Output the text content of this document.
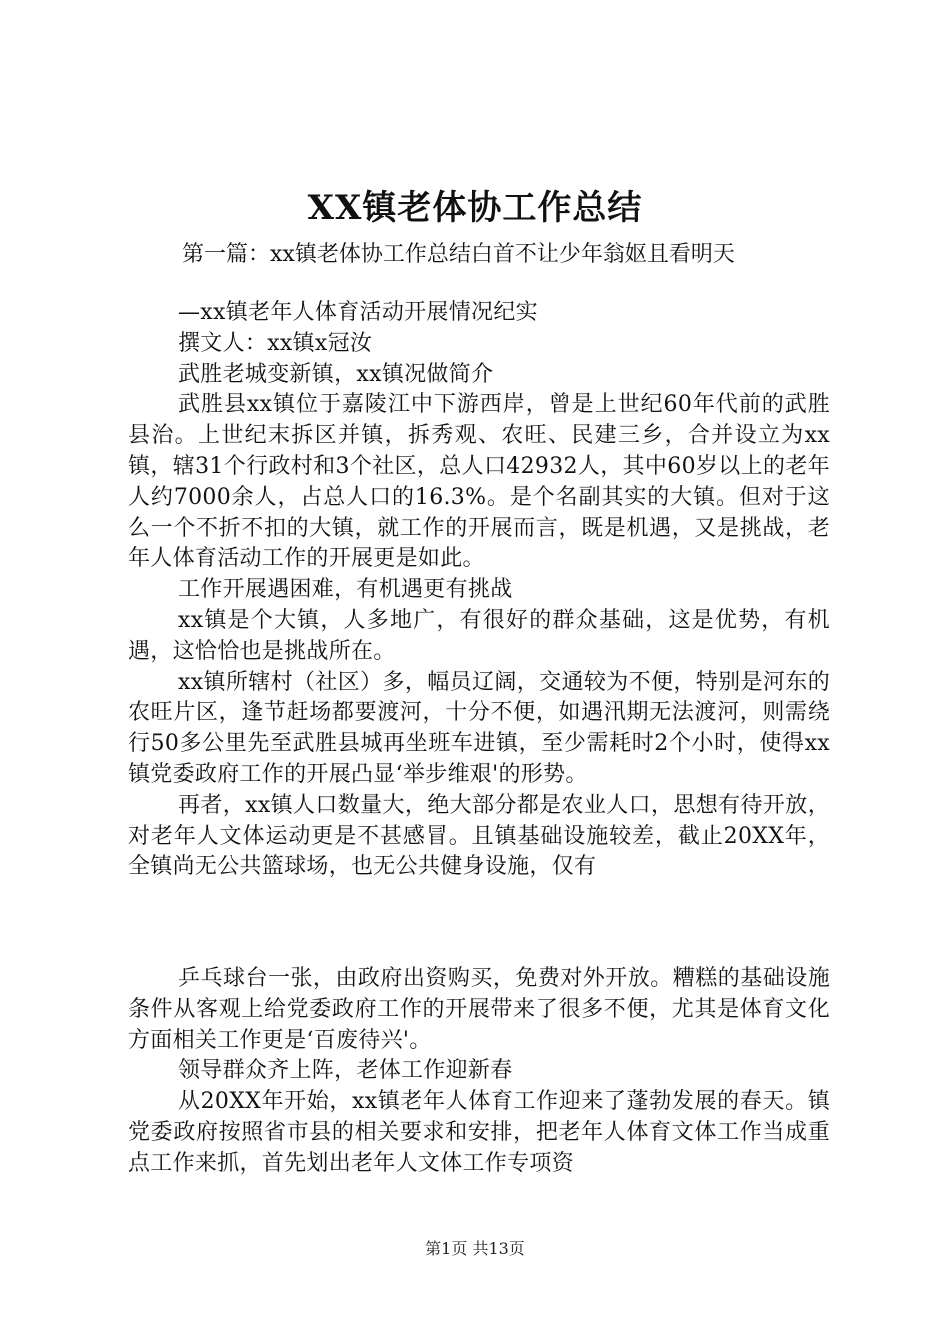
XX镇老体协工作总结
第一篇：xx镇老体协工作总结白首不让少年翁妪且看明天

—xx镇老年人体育活动开展情况纪实

撰文人：xx镇x冠汝

武胜老城变新镇，xx镇况做简介

武胜县xx镇位于嘉陵江中下游西岸，曾是上世纪60年代前的武胜县治。上世纪末拆区并镇，拆秀观、农旺、民建三乡，合并设立为xx镇，辖31个行政村和3个社区，总人口42932人，其中60岁以上的老年人约7000余人，占总人口的16.3%。是个名副其实的大镇。但对于这么一个不折不扣的大镇，就工作的开展而言，既是机遇，又是挑战，老年人体育活动工作的开展更是如此。

工作开展遇困难，有机遇更有挑战

xx镇是个大镇，人多地广，有很好的群众基础，这是优势，有机遇，这恰恰也是挑战所在。

xx镇所辖村（社区）多，幅员辽阔，交通较为不便，特别是河东的农旺片区，逢节赶场都要渡河，十分不便，如遇汛期无法渡河，则需绕行50多公里先至武胜县城再坐班车进镇，至少需耗时2个小时，使得xx镇党委政府工作的开展凸显‘举步维艰'的形势。

再者，xx镇人口数量大，绝大部分都是农业人口，思想有待开放，对老年人文体运动更是不甚感冒。且镇基础设施较差，截止20XX年，全镇尚无公共篮球场，也无公共健身设施，仅有

乒乓球台一张，由政府出资购买，免费对外开放。糟糕的基础设施条件从客观上给党委政府工作的开展带来了很多不便，尤其是体育文化方面相关工作更是‘百废待兴'。

领导群众齐上阵，老体工作迎新春

从20XX年开始，xx镇老年人体育工作迎来了蓬勃发展的春天。镇党委政府按照省市县的相关要求和安排，把老年人体育文体工作当成重点工作来抓，首先划出老年人文体工作专项资

第1页 共13页
